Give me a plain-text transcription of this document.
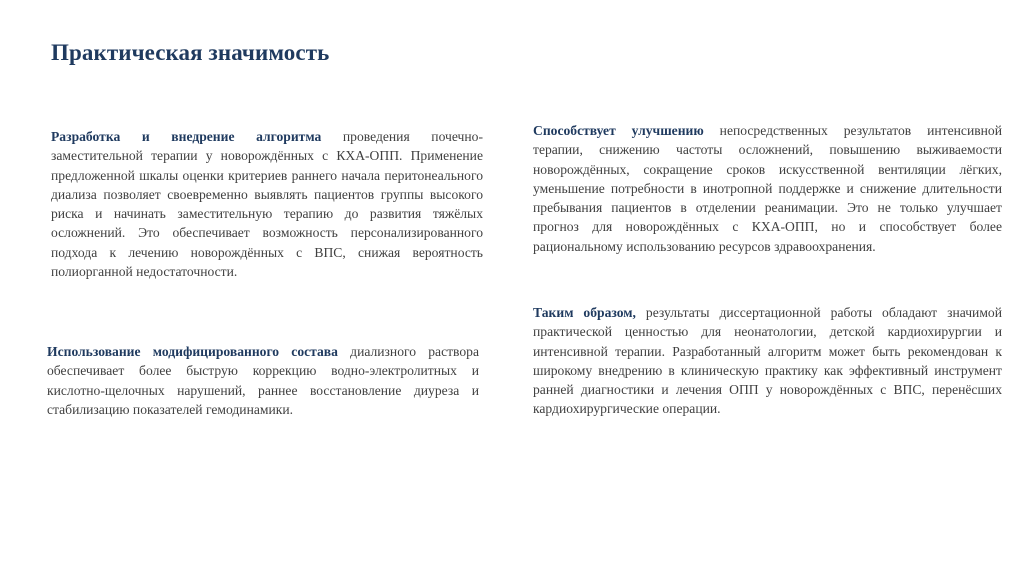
Практическая значимость

Разработка и внедрение алгоритма проведения почечно-заместительной терапии у новорождённых с КХА-ОПП. Применение предложенной шкалы оценки критериев раннего начала перитонеального диализа позволяет своевременно выявлять пациентов группы высокого риска и начинать заместительную терапию до развития тяжёлых осложнений. Это обеспечивает возможность персонализированного подхода к лечению новорождённых с ВПС, снижая вероятность полиорганной недостаточности.

Использование модифицированного состава диализного раствора обеспечивает более быструю коррекцию водно-электролитных и кислотно-щелочных нарушений, раннее восстановление диуреза и стабилизацию показателей гемодинамики.

Способствует улучшению непосредственных результатов интенсивной терапии, снижению частоты осложнений, повышению выживаемости новорождённых, сокращение сроков искусственной вентиляции лёгких, уменьшение потребности в инотропной поддержке и снижение длительности пребывания пациентов в отделении реанимации. Это не только улучшает прогноз для новорождённых с КХА-ОПП, но и способствует более рациональному использованию ресурсов здравоохранения.

Таким образом, результаты диссертационной работы обладают значимой практической ценностью для неонатологии, детской кардиохирургии и интенсивной терапии. Разработанный алгоритм может быть рекомендован к широкому внедрению в клиническую практику как эффективный инструмент ранней диагностики и лечения ОПП у новорождённых с ВПС, перенёсших кардиохирургические операции.
